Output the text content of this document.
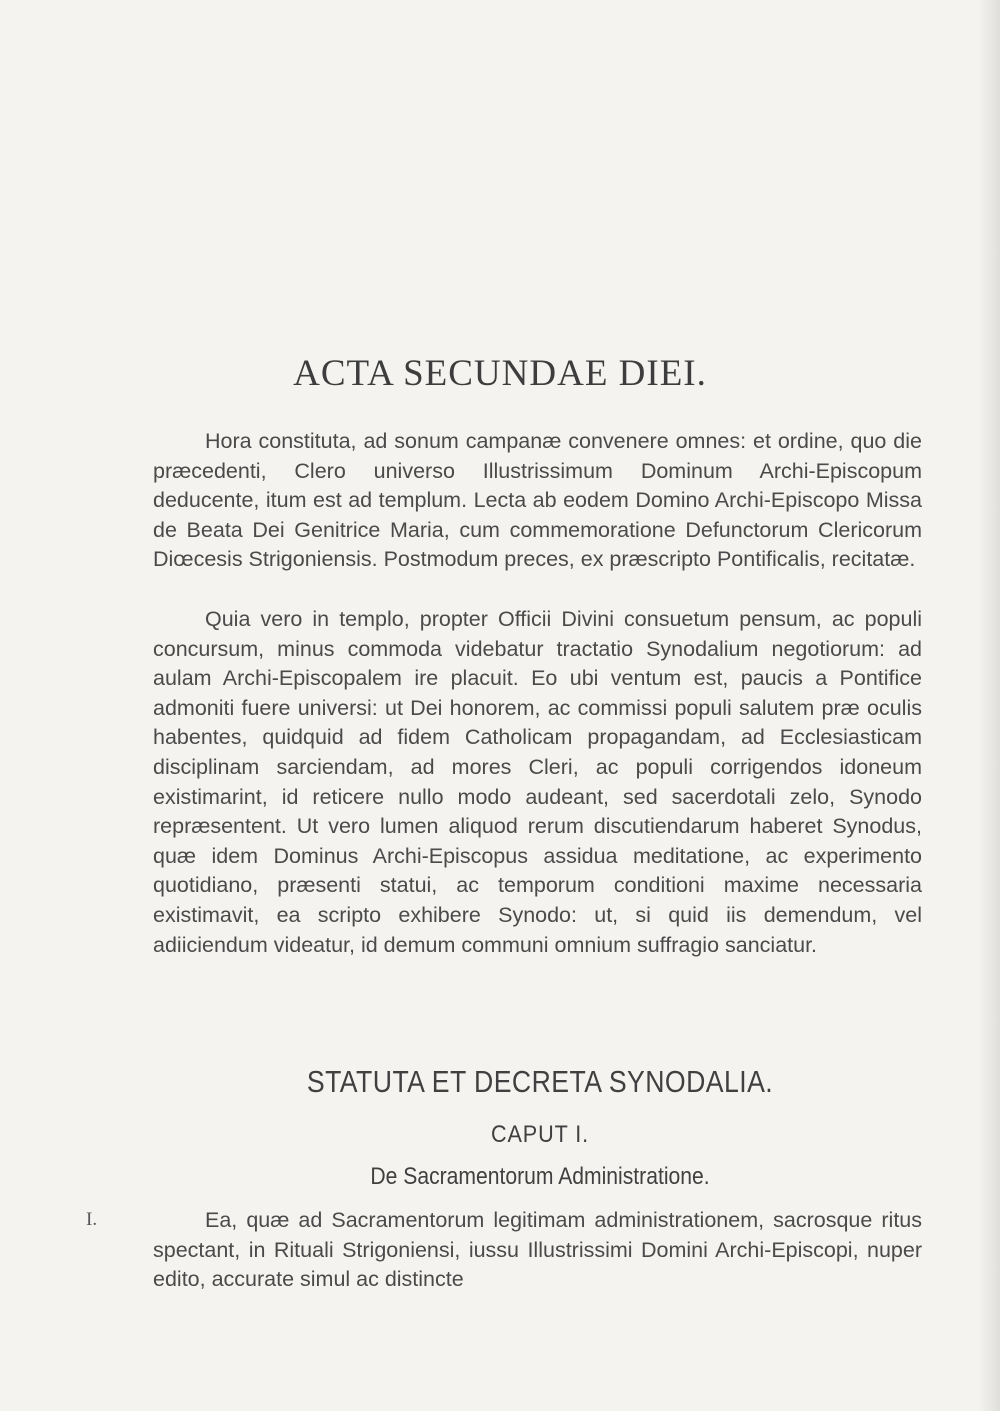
ACTA SECUNDAE DIEI.

Hora constituta, ad sonum campanæ convenere omnes: et ordine, quo die præcedenti, Clero universo Illustrissimum Dominum Archi-Episcopum deducente, itum est ad templum. Lecta ab eodem Domino Archi-Episcopo Missa de Beata Dei Genitrice Maria, cum commemoratione Defunctorum Clericorum Diœcesis Strigoniensis. Postmodum preces, ex præscripto Pontificalis, recitatæ.

Quia vero in templo, propter Officii Divini consuetum pensum, ac populi concursum, minus commoda videbatur tractatio Synodalium negotiorum: ad aulam Archi-Episcopalem ire placuit. Eo ubi ventum est, paucis a Pontifice admoniti fuere universi: ut Dei honorem, ac commissi populi salutem præ oculis habentes, quidquid ad fidem Catholicam propagandam, ad Ecclesiasticam disciplinam sarciendam, ad mores Cleri, ac populi corrigendos idoneum existimarint, id reticere nullo modo audeant, sed sacerdotali zelo, Synodo repræsentent. Ut vero lumen aliquod rerum discutiendarum haberet Synodus, quæ idem Dominus Archi-Episcopus assidua meditatione, ac experimento quotidiano, præsenti statui, ac temporum conditioni maxime necessaria existimavit, ea scripto exhibere Synodo: ut, si quid iis demendum, vel adiiciendum videatur, id demum communi omnium suffragio sanciatur.

STATUTA ET DECRETA SYNODALIA.
CAPUT I.
De Sacramentorum Administratione.
I.	Ea, quæ ad Sacramentorum legitimam administrationem, sacrosque ritus spectant, in Rituali Strigoniensi, iussu Illustrissimi Domini Archi-Episcopi, nuper edito, accurate simul ac distincte
